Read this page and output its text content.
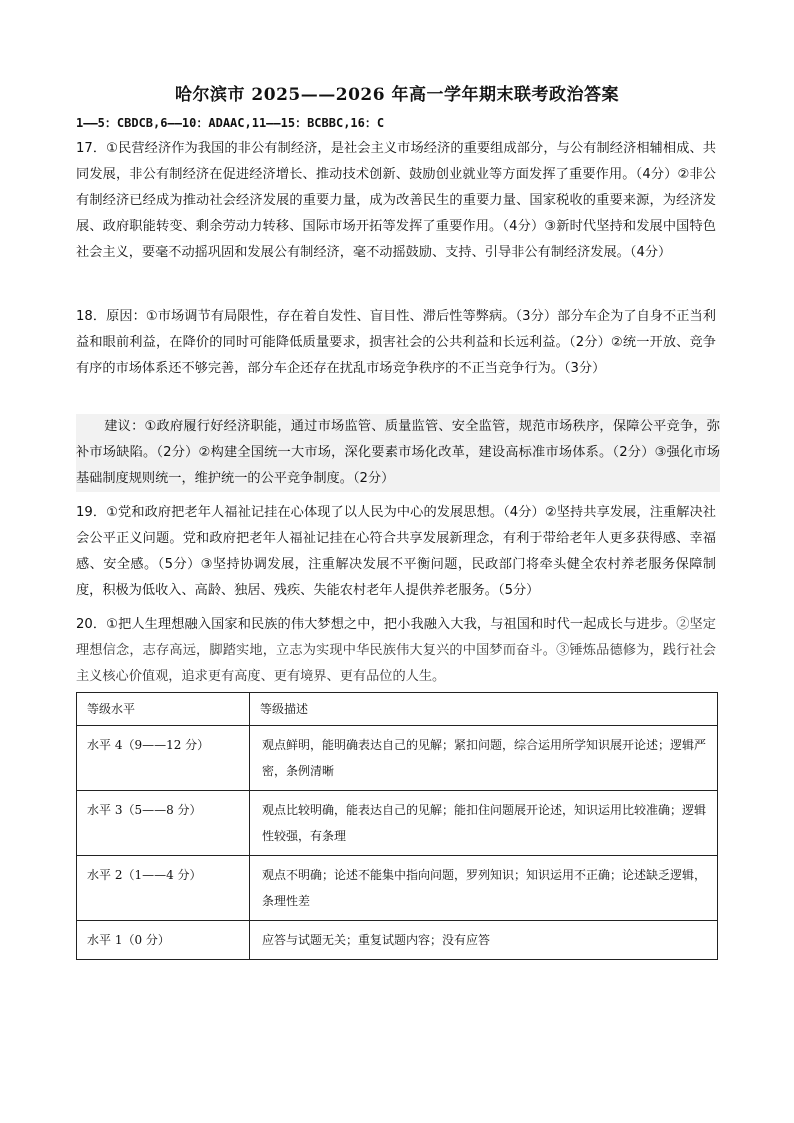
哈尔滨市 2025——2026 年高一学年期末联考政治答案
1——5：CBDCB,6——10：ADAAC,11——15：BCBBC,16：C
17．①民营经济作为我国的非公有制经济，是社会主义市场经济的重要组成部分，与公有制经济相辅相成、共同发展，非公有制经济在促进经济增长、推动技术创新、鼓励创业就业等方面发挥了重要作用。（4分）②非公有制经济已经成为推动社会经济发展的重要力量，成为改善民生的重要力量、国家税收的重要来源，为经济发展、政府职能转变、剩余劳动力转移、国际市场开拓等发挥了重要作用。（4分）③新时代坚持和发展中国特色社会主义，要毫不动摇巩固和发展公有制经济，毫不动摇鼓励、支持、引导非公有制经济发展。（4分）
18．原因：①市场调节有局限性，存在着自发性、盲目性、滞后性等弊病。（3分）部分车企为了自身不正当利益和眼前利益，在降价的同时可能降低质量要求，损害社会的公共利益和长远利益。（2分）②统一开放、竞争有序的市场体系还不够完善，部分车企还存在扰乱市场竞争秩序的不正当竞争行为。（3分）
建议：①政府履行好经济职能，通过市场监管、质量监管、安全监管，规范市场秩序，保障公平竞争，弥补市场缺陷。（2分）②构建全国统一大市场，深化要素市场化改革，建设高标准市场体系。（2分）③强化市场基础制度规则统一，维护统一的公平竞争制度。（2分）
19．①党和政府把老年人福祉记挂在心体现了以人民为中心的发展思想。（4分）②坚持共享发展，注重解决社会公平正义问题。党和政府把老年人福祉记挂在心符合共享发展新理念，有利于带给老年人更多获得感、幸福感、安全感。（5分）③坚持协调发展，注重解决发展不平衡问题，民政部门将牵头健全农村养老服务保障制度，积极为低收入、高龄、独居、残疾、失能农村老年人提供养老服务。（5分）
20．①把人生理想融入国家和民族的伟大梦想之中，把小我融入大我，与祖国和时代一起成长与进步。②坚定理想信念，志存高远，脚踏实地，立志为实现中华民族伟大复兴的中国梦而奋斗。③锤炼品德修为，践行社会主义核心价值观，追求更有高度、更有境界、更有品位的人生。
等级水平	等级描述
水平 4（9——12 分）	观点鲜明，能明确表达自己的见解；紧扣问题，综合运用所学知识展开论述；逻辑严密，条例清晰
水平 3（5——8 分）	观点比较明确，能表达自己的见解；能扣住问题展开论述，知识运用比较准确；逻辑性较强，有条理
水平 2（1——4 分）	观点不明确；论述不能集中指向问题，罗列知识；知识运用不正确；论述缺乏逻辑，条理性差
水平 1（0 分）	应答与试题无关；重复试题内容；没有应答
